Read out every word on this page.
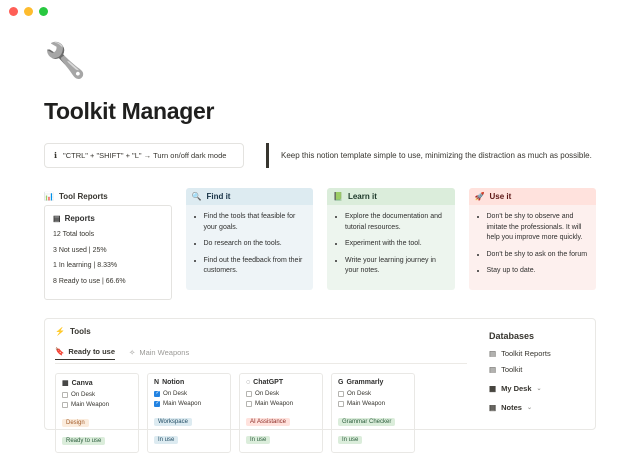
🔧
Toolkit Manager
ℹ "CTRL" + "SHIFT" + "L" → Turn on/off dark mode	Keep this notion template simple to use, minimizing the distraction as much as possible.
📊 Tool Reports
▤ Reports
12 Total tools
3 Not used | 25%
1 In learning | 8.33%
8 Ready to use | 66.6%
🔍 Find it
• Find the tools that feasible for your goals.
• Do research on the tools.
• Find out the feedback from their customers.
📗 Learn it
• Explore the documentation and tutorial resources.
• Experiment with the tool.
• Write your learning journey in your notes.
🚀 Use it
• Don't be shy to observe and imitate the professionals. It will help you improve more quickly.
• Don't be shy to ask on the forum
• Stay up to date.
⚡ Tools
🔖 Ready to use ✧ Main Weapons
▦ Canva
On Desk
Main Weapon
Design
Ready to use
N Notion
✓
On Desk
✓
Main Weapon
Workspace
In use
◌ ChatGPT
On Desk
Main Weapon
AI Assistance
In use
G Grammarly
On Desk
Main Weapon
Grammar Checker
In use
Databases
▤ Toolkit Reports
▤ Toolkit
▦ My Desk ⌄
▤ Notes ⌄
